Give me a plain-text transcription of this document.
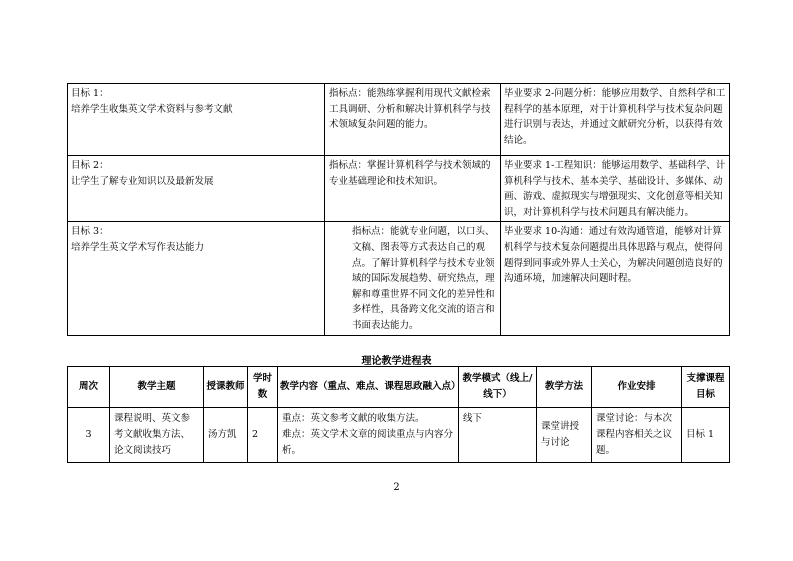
目标 1：
培养学生收集英文学术资料与参考文献	指标点：能熟练掌握利用现代文献检索工具调研、分析和解决计算机科学与技术领域复杂问题的能力。	毕业要求 2-问题分析：能够应用数学、自然科学和工程科学的基本原理，对于计算机科学与技术复杂问题进行识别与表达，并通过文献研究分析，以获得有效结论。

目标 2：
让学生了解专业知识以及最新发展	指标点：掌握计算机科学与技术领域的专业基础理论和技术知识。	毕业要求 1-工程知识：能够运用数学、基础科学、计算机科学与技术、基本美学、基础设计、多媒体、动画、游戏、虚拟现实与增强现实、文化创意等相关知识，对计算机科学与技术问题具有解决能力。

目标 3：
培养学生英文学术写作表达能力	指标点：能就专业问题，以口头、文稿、图表等方式表达自己的观点。了解计算机科学与技术专业领域的国际发展趋势、研究热点，理解和尊重世界不同文化的差异性和多样性，具备跨文化交流的语言和书面表达能力。	毕业要求 10-沟通：通过有效沟通管道，能够对计算机科学与技术复杂问题提出具体思路与观点，使得问题得到同事或外界人士关心，为解决问题创造良好的沟通环境，加速解决问题时程。
理论教学进程表
周次	教学主题	授课教师	学时数	教学内容（重点、难点、课程思政融入点）	教学模式（线上/线下）	教学方法	作业安排	支撑课程目标
3	课程说明、英文参考文献收集方法、论文阅读技巧	汤方凯	2	重点：英文参考文献的收集方法。
难点：英文学术文章的阅读重点与内容分析。	线下	课堂讲授与讨论	课堂讨论：与本次课程内容相关之议题。	目标 1
2
